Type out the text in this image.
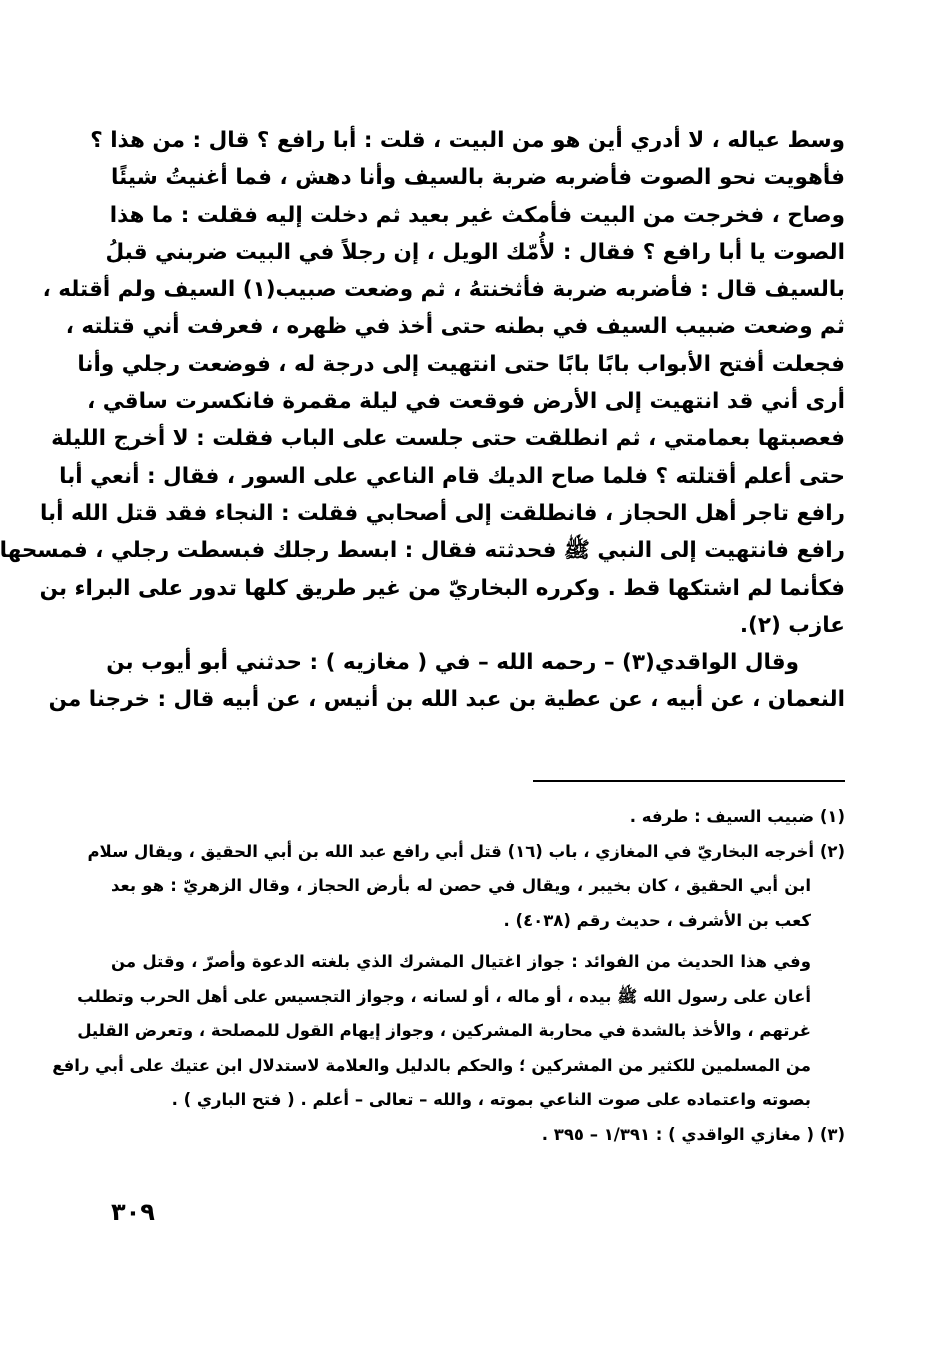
وسط عياله ، لا أدري أين هو من البيت ، قلت : أبا رافع ؟ قال : من هذا ؟
فأهويت نحو الصوت فأضربه ضربة بالسيف وأنا دهش ، فما أغنيتُ شيئًا
وصاح ، فخرجت من البيت فأمكث غير بعيد ثم دخلت إليه فقلت : ما هذا
الصوت يا أبا رافع ؟ فقال : لأُمّك الويل ، إن رجلاً في البيت ضربني قبلُ
بالسيف قال : فأضربه ضربة فأثخنتهُ ، ثم وضعت صبيب(١) السيف ولم أقتله ،
ثم وضعت ضبيب السيف في بطنه حتى أخذ في ظهره ، فعرفت أني قتلته ،
فجعلت أفتح الأبواب بابًا بابًا حتى انتهيت إلى درجة له ، فوضعت رجلي وأنا
أرى أني قد انتهيت إلى الأرض فوقعت في ليلة مقمرة فانكسرت ساقي ،
فعصبتها بعمامتي ، ثم انطلقت حتى جلست على الباب فقلت : لا أخرج الليلة
حتى أعلم أقتلته ؟ فلما صاح الديك قام الناعي على السور ، فقال : أنعي أبا
رافع تاجر أهل الحجاز ، فانطلقت إلى أصحابي فقلت : النجاء فقد قتل الله أبا
رافع فانتهيت إلى النبي ﷺ فحدثته فقال : ابسط رجلك فبسطت رجلي ، فمسحها
فكأنما لم اشتكها قط . وكرره البخاريّ من غير طريق كلها تدور على البراء بن
عازب (٢).
وقال الواقدي(٣) – رحمه الله – في ( مغازيه ) : حدثني أبو أيوب بن
النعمان ، عن أبيه ، عن عطية بن عبد الله بن أنيس ، عن أبيه قال : خرجنا من
(١) ضبيب السيف : طرفه .
(٢) أخرجه البخاريّ في المغازي ، باب (١٦) قتل أبي رافع عبد الله بن أبي الحقيق ، ويقال سلام
ابن أبي الحقيق ، كان بخيبر ، ويقال في حصن له بأرض الحجاز ، وقال الزهريّ : هو بعد
كعب بن الأشرف ، حديث رقم (٤٠٣٨) .
وفي هذا الحديث من الفوائد : جواز اغتيال المشرك الذي بلغته الدعوة وأصرّ ، وقتل من
أعان على رسول الله ﷺ بيده ، أو ماله ، أو لسانه ، وجواز التجسيس على أهل الحرب وتطلب
غرتهم ، والأخذ بالشدة في محاربة المشركين ، وجواز إيهام القول للمصلحة ، وتعرض القليل
من المسلمين للكثير من المشركين ؛ والحكم بالدليل والعلامة لاستدلال ابن عتيك على أبي رافع
بصوته واعتماده على صوت الناعي بموته ، والله – تعالى – أعلم . ( فتح الباري ) .
(٣) ( مغازي الواقدي ) : ١/٣٩١ – ٣٩٥ .
٣٠٩
